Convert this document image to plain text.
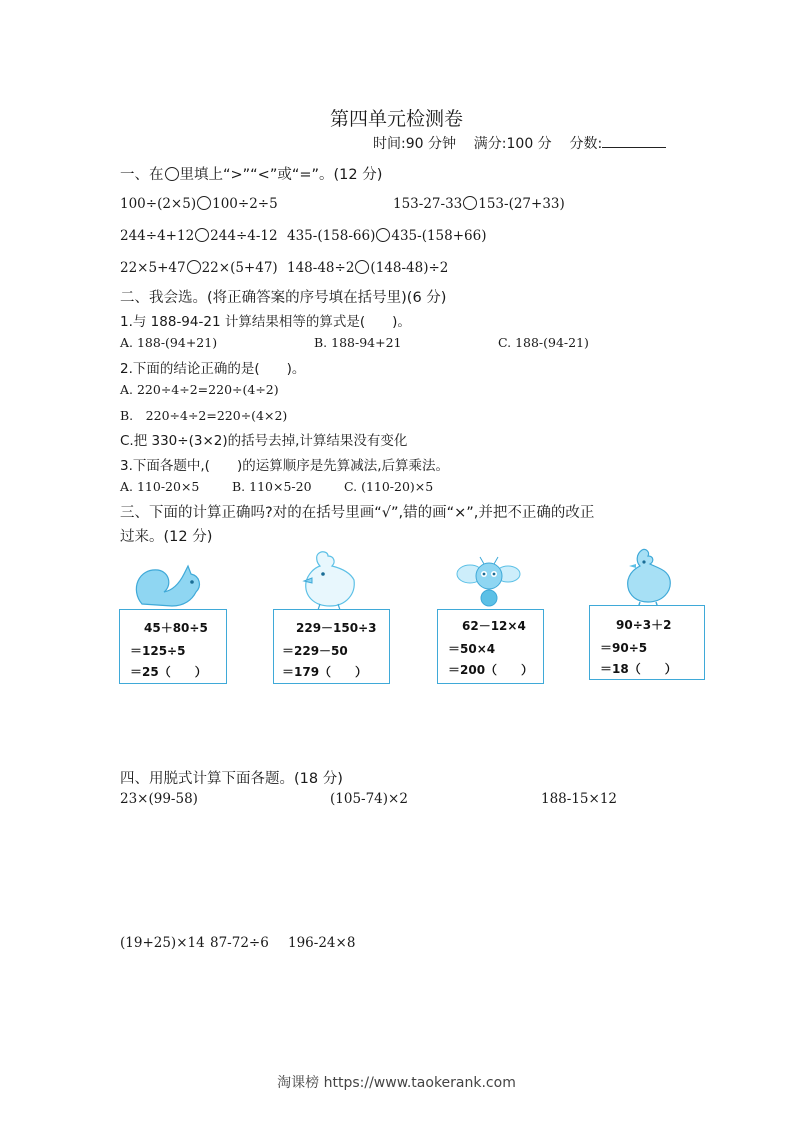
第四单元检测卷
时间:90 分钟 满分:100 分 分数:
一、在 里填上“>”“<”或“=”。(12 分)
100÷(2×5) 100÷2÷5	153-27-33 153-(27+33)
244÷4+12 244÷4-12 435-(158-66) 435-(158+66)
22×5+47 22×(5+47) 148-48÷2 (148-48)÷2
二、我会选。(将正确答案的序号填在括号里)(6 分)
1.与 188-94-21 计算结果相等的算式是(　　)。
A. 188-(94+21)	B. 188-94+21	C. 188-(94-21)
2.下面的结论正确的是(　　)。
A. 220÷4÷2=220÷(4÷2)
B.　220÷4÷2=220÷(4×2)
C.把 330÷(3×2)的括号去掉,计算结果没有变化
3.下面各题中,(　　)的运算顺序是先算减法,后算乘法。
A. 110-20×5	B. 110×5-20	C. (110-20)×5
三、下面的计算正确吗?对的在括号里画“√”,错的画“×”,并把不正确的改正
过来。(12 分)
45＋80÷5
＝125÷5
＝25（　　）
229－150÷3
＝229－50
＝179（　　）
62－12×4
＝50×4
＝200（　　）
90÷3＋2
＝90÷5
＝18（　　）
四、用脱式计算下面各题。(18 分)
23×(99-58)	(105-74)×2	188-15×12
(19+25)×14 87-72÷6 196-24×8
淘课榜 https://www.taokerank.com
